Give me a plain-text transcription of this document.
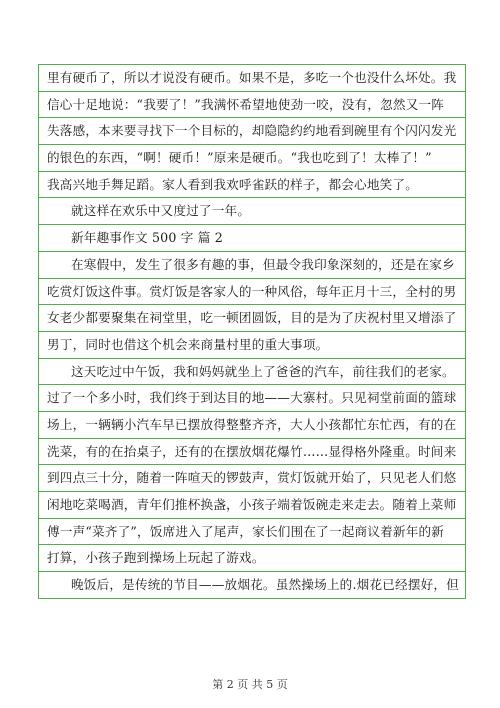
里有硬币了，所以才说没有硬币。如果不是，多吃一个也没什么坏处。我
信心十足地说：“我要了！”我满怀希望地使劲一咬，没有，忽然又一阵
失落感，本来要寻找下一个目标的，却隐隐约约地看到碗里有个闪闪发光
的银色的东西，“啊！硬币！”原来是硬币。“我也吃到了！太棒了！”
我高兴地手舞足蹈。家人看到我欢呼雀跃的样子，都会心地笑了。
就这样在欢乐中又度过了一年。
新年趣事作文 500 字 篇 2
在寒假中，发生了很多有趣的事，但最令我印象深刻的，还是在家乡
吃赏灯饭这件事。赏灯饭是客家人的一种风俗，每年正月十三，全村的男
女老少都要聚集在祠堂里，吃一顿团圆饭，目的是为了庆祝村里又增添了
男丁，同时也借这个机会来商量村里的重大事项。
这天吃过中午饭，我和妈妈就坐上了爸爸的汽车，前往我们的老家。
过了一个多小时，我们终于到达目的地——大寨村。只见祠堂前面的篮球
场上，一辆辆小汽车早已摆放得整整齐齐，大人小孩都忙东忙西，有的在
洗菜，有的在抬桌子，还有的在摆放烟花爆竹……显得格外隆重。时间来
到四点三十分，随着一阵喧天的锣鼓声，赏灯饭就开始了，只见老人们悠
闲地吃菜喝酒，青年们推杯换盏，小孩子端着饭碗走来走去。随着上菜师
傅一声“菜齐了”，饭席进入了尾声，家长们围在了一起商议着新年的新
打算，小孩子跑到操场上玩起了游戏。
晚饭后，是传统的节目——放烟花。虽然操场上的.烟花已经摆好，但
第 2 页 共 5 页
